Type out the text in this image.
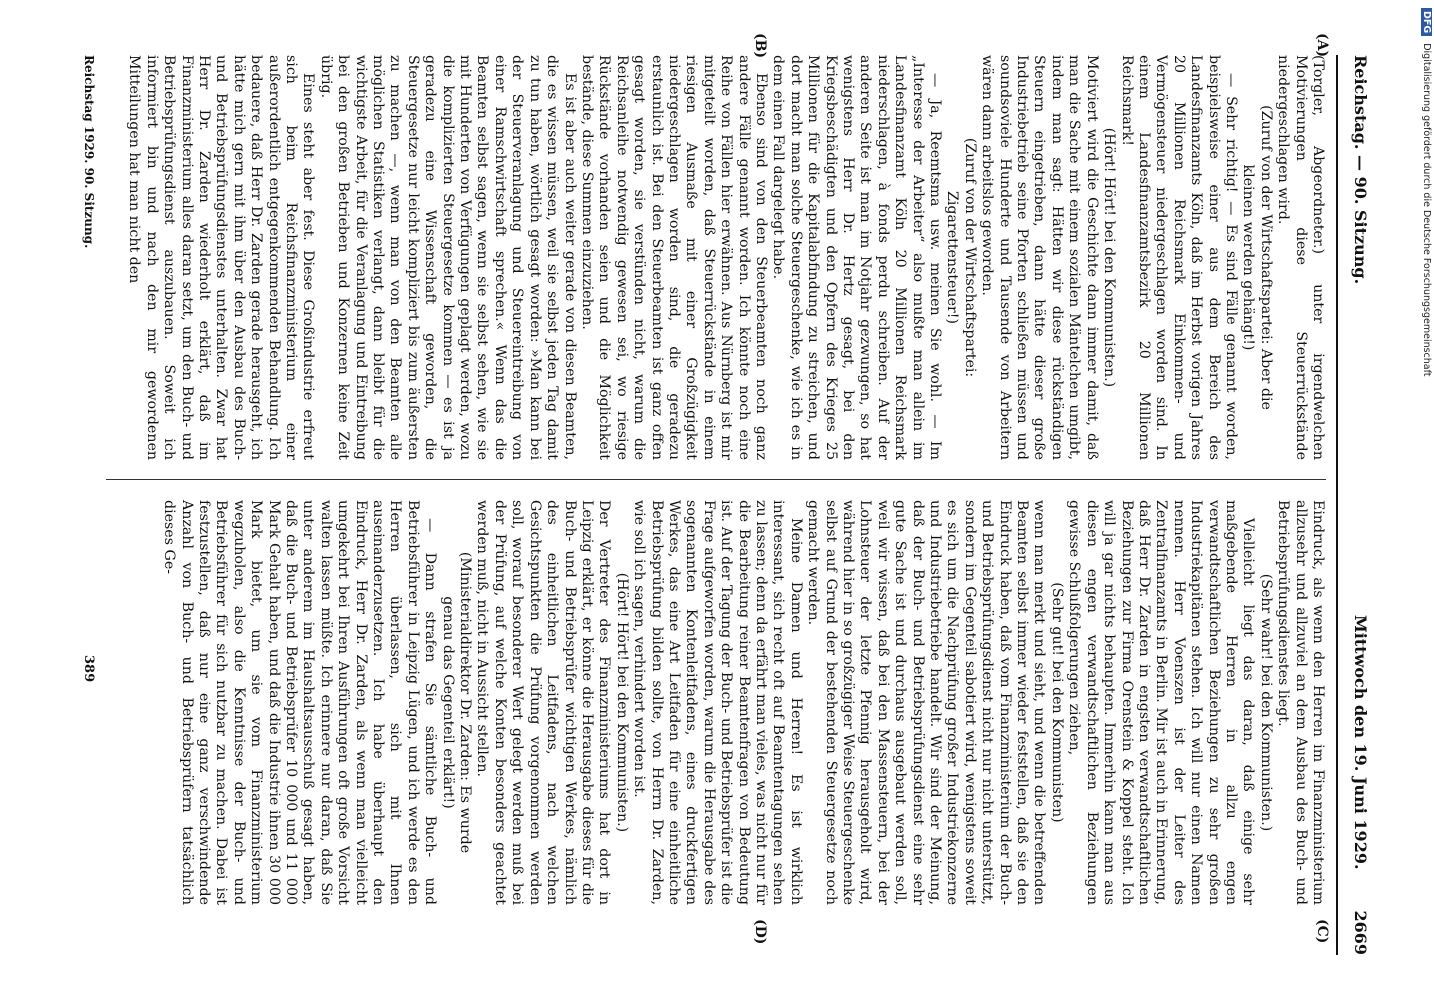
Reichstag. — 90. Sitzung.
Mittwoch den 19. Juni 1929.
2669

(Torgler, Abgeordneter.) unter irgendwelchen Motivierungen diese Steuerrückstände niedergeschlagen wird.

(Zuruf von der Wirtschaftspartei: Aber die kleinen werden gehängt!)

— Sehr richtig! — Es sind Fälle genannt worden, beispielsweise einer aus dem Bereich des Landesfinanzamts Köln, daß im Herbst vorigen Jahres 20 Millionen Reichsmark Einkommen- und Vermögensteuer niedergeschlagen worden sind. In einem Landesfinanzamtsbezirk 20 Millionen Reichsmark!

(Hört! Hört! bei den Kommunisten.)

Motiviert wird die Geschichte dann immer damit, daß man die Sache mit einem sozialen Mäntelchen umgibt, indem man sagt: Hätten wir diese rückständigen Steuern eingetrieben, dann hätte dieser große Industriebetrieb seine Pforten schließen müssen und soundsoviele Hunderte und Tausende von Arbeitern wären dann arbeitslos geworden.

(Zuruf von der Wirtschaftspartei: Zigarettensteuer!)

— Ja, Reemtsma usw. meinen Sie wohl. — Im „Interesse der Arbeiter“ also mußte man allein im Landesfinanzamt Köln 20 Millionen Reichsmark niederschlagen, à fonds perdu schreiben. Auf der anderen Seite ist man im Notjahr gezwungen, so hat wenigstens Herr Dr. Hertz gesagt, bei den Kriegsbeschädigten und den Opfern des Krieges 25 Millionen für die Kapitalabfindung zu streichen, und dort macht man solche Steuergeschenke, wie ich es in dem einen Fall dargelegt habe.

Ebenso sind von den Steuerbeamten noch ganz andere Fälle genannt worden. Ich könnte noch eine Reihe von Fällen hier erwähnen. Aus Nürnberg ist mir mitgeteilt worden, daß Steuerrückstände in einem riesigen Ausmaße mit einer Großzügigkeit niedergeschlagen worden sind, die geradezu erstaunlich ist. Bei den Steuerbeamten ist ganz offen gesagt worden, sie verstünden nicht, warum die Reichsanleihe notwendig gewesen sei, wo riesige Rückstände vorhanden seien und die Möglichkeit bestände, diese Summen einzuziehen.

Es ist aber auch weiter gerade von diesen Beamten, die es wissen müssen, weil sie selbst jeden Tag damit zu tun haben, wörtlich gesagt worden: »Man kann bei der Steuerveranlagung und Steuereintreibung von einer Ramschwirtschaft sprechen.« Wenn das die Beamten selbst sagen, wenn sie selbst sehen, wie sie mit Hunderten von Verfügungen geplagt werden, wozu die komplizierten Steuergesetze kommen — es ist ja geradezu eine Wissenschaft geworden, die Steuergesetze nur leicht kompliziert bis zum äußersten zu machen —, wenn man von den Beamten alle möglichen Statistiken verlangt, dann bleibt für die wichtigste Arbeit, für die Veranlagung und Eintreibung bei den großen Betrieben und Konzernen keine Zeit übrig.

Eines steht aber fest. Diese Großindustrie erfreut sich beim Reichsfinanzministerium einer außerordentlich entgegenkommenden Behandlung. Ich bedauere, daß Herr Dr. Zarden gerade herausgeht, ich hätte mich gern mit ihm über den Ausbau des Buch- und Betriebsprüfungsdienstes unterhalten. Zwar hat Herr Dr. Zarden wiederholt erklärt, daß im Finanzministerium alles daran setzt, um den Buch- und Betriebsprüfungsdienst auszubauen. Soweit ich informiert bin und nach den mir gewordenen Mitteilungen hat man nicht den

Eindruck, als wenn den Herren im Finanzministerium allzusehr und allzuviel an dem Ausbau des Buch- und Betriebsprüfungsdienstes liegt.

(Sehr wahr! bei den Kommunisten.)

Vielleicht liegt das daran, daß einige sehr maßgebende Herren in allzu engen verwandtschaftlichen Beziehungen zu sehr großen Industriekapitänen stehen. Ich will nur einen Namen nennen. Herr Voenszen ist der Leiter des Zentralfinanzamts in Berlin. Mir ist auch in Erinnerung, daß Herr Dr. Zarden in engsten verwandtschaftlichen Beziehungen zur Firma Orenstein & Koppel steht. Ich will ja gar nichts behaupten. Immerhin kann man aus diesen engen verwandtschaftlichen Beziehungen gewisse Schlußfolgerungen ziehen,

(Sehr gut! bei den Kommunisten)

wenn man merkt und sieht, und wenn die betreffenden Beamten selbst immer wieder feststellen, daß sie den Eindruck haben, daß vom Finanzministerium der Buch- und Betriebsprüfungsdienst nicht nur nicht unterstützt, sondern im Gegenteil sabotiert wird, wenigstens soweit es sich um die Nachprüfung großer Industriekonzerne und Industriebetriebe handelt. Wir sind der Meinung, daß der Buch- und Betriebsprüfungsdienst eine sehr gute Sache ist und durchaus ausgebaut werden soll, weil wir wissen, daß bei den Massensteuern, bei der Lohnsteuer der letzte Pfennig herausgeholt wird, während hier in so großzügiger Weise Steuergeschenke selbst auf Grund der bestehenden Steuergesetze noch gemacht werden.

Meine Damen und Herren! Es ist wirklich interessant, sich recht oft auf Beamtentagungen sehen zu lassen; denn da erfährt man vieles, was nicht nur für die Bearbeitung reiner Beamtenfragen von Bedeutung ist. Auf der Tagung der Buch- und Betriebsprüfer ist die Frage aufgeworfen worden, warum die Herausgabe des sogenannten Kontenleitfadens, eines druckfertigen Werkes, das eine Art Leitfaden für eine einheitliche Betriebsprüfung bilden sollte, von Herrn Dr. Zarden, wie soll ich sagen, verhindert worden ist.

(Hört! Hört! bei den Kommunisten.)

Der Vertreter des Finanzministeriums hat dort in Leipzig erklärt, er könne die Herausgabe dieses für die Buch- und Betriebsprüfer wichtigen Werkes, nämlich des einheitlichen Leitfadens, nach welchen Gesichtspunkten die Prüfung vorgenommen werden soll, worauf besonderer Wert gelegt werden muß bei der Prüfung, auf welche Konten besonders geachtet werden muß, nicht in Aussicht stellen.

(Ministerialdirektor Dr. Zarden: Es wurde genau das Gegenteil erklärt!)

— Dann strafen Sie sämtliche Buch- und Betriebsführer in Leipzig Lügen, und ich werde es den Herren überlassen, sich mit Ihnen auseinanderzusetzen. Ich habe überhaupt den Eindruck, Herr Dr. Zarden, als wenn man vielleicht umgekehrt bei Ihren Ausführungen oft große Vorsicht walten lassen müßte. Ich erinnere nur daran, daß Sie unter anderem im Haushaltsausschuß gesagt haben, daß die Buch- und Betriebsprüfer 10 000 und 11 000 Mark Gehalt haben, und daß die Industrie ihnen 30 000 Mark bietet, um sie vom Finanzministerium wegzuholen, also die Kenntnisse der Buch- und Betriebsführer für sich nutzbar zu machen. Dabei ist festzustellen, daß nur eine ganz verschwindende Anzahl von Buch- und Betriebsprüfern tatsächlich dieses Ge-

(A)
(B)
(C)
(D)
Reichstag 1929. 90. Sitzung.
389
DFG Digitalisierung gefördert durch die Deutsche Forschungsgemeinschaft
